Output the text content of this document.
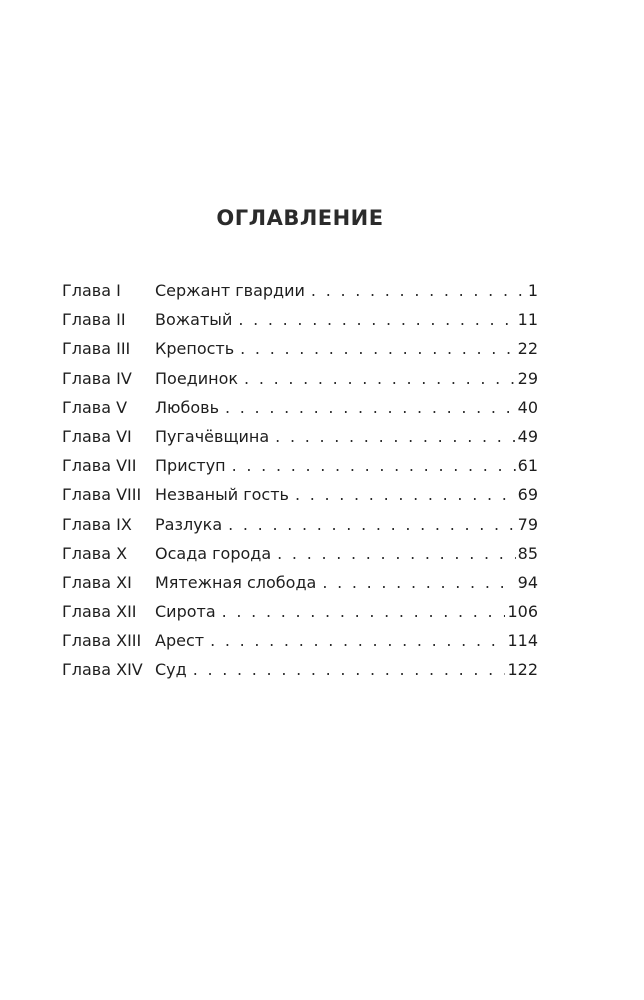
ОГЛАВЛЕНИЕ
Глава I	Сержант гвардии . . .	1
Глава II	Вожатый . . .	11
Глава III	Крепость . . .	22
Глава IV	Поединок . . .	29
Глава V	Любовь . . .	40
Глава VI	Пугачёвщина . . .	49
Глава VII	Приступ . . .	61
Глава VIII Незваный гость . . .	69
Глава IX	Разлука . . .	79
Глава X	Осада города . . .	85
Глава XI	Мятежная слобода . . .	94
Глава XII	Сирота . . .	106
Глава XIII Арест . . .	114
Глава XIV Суд . . .	122
